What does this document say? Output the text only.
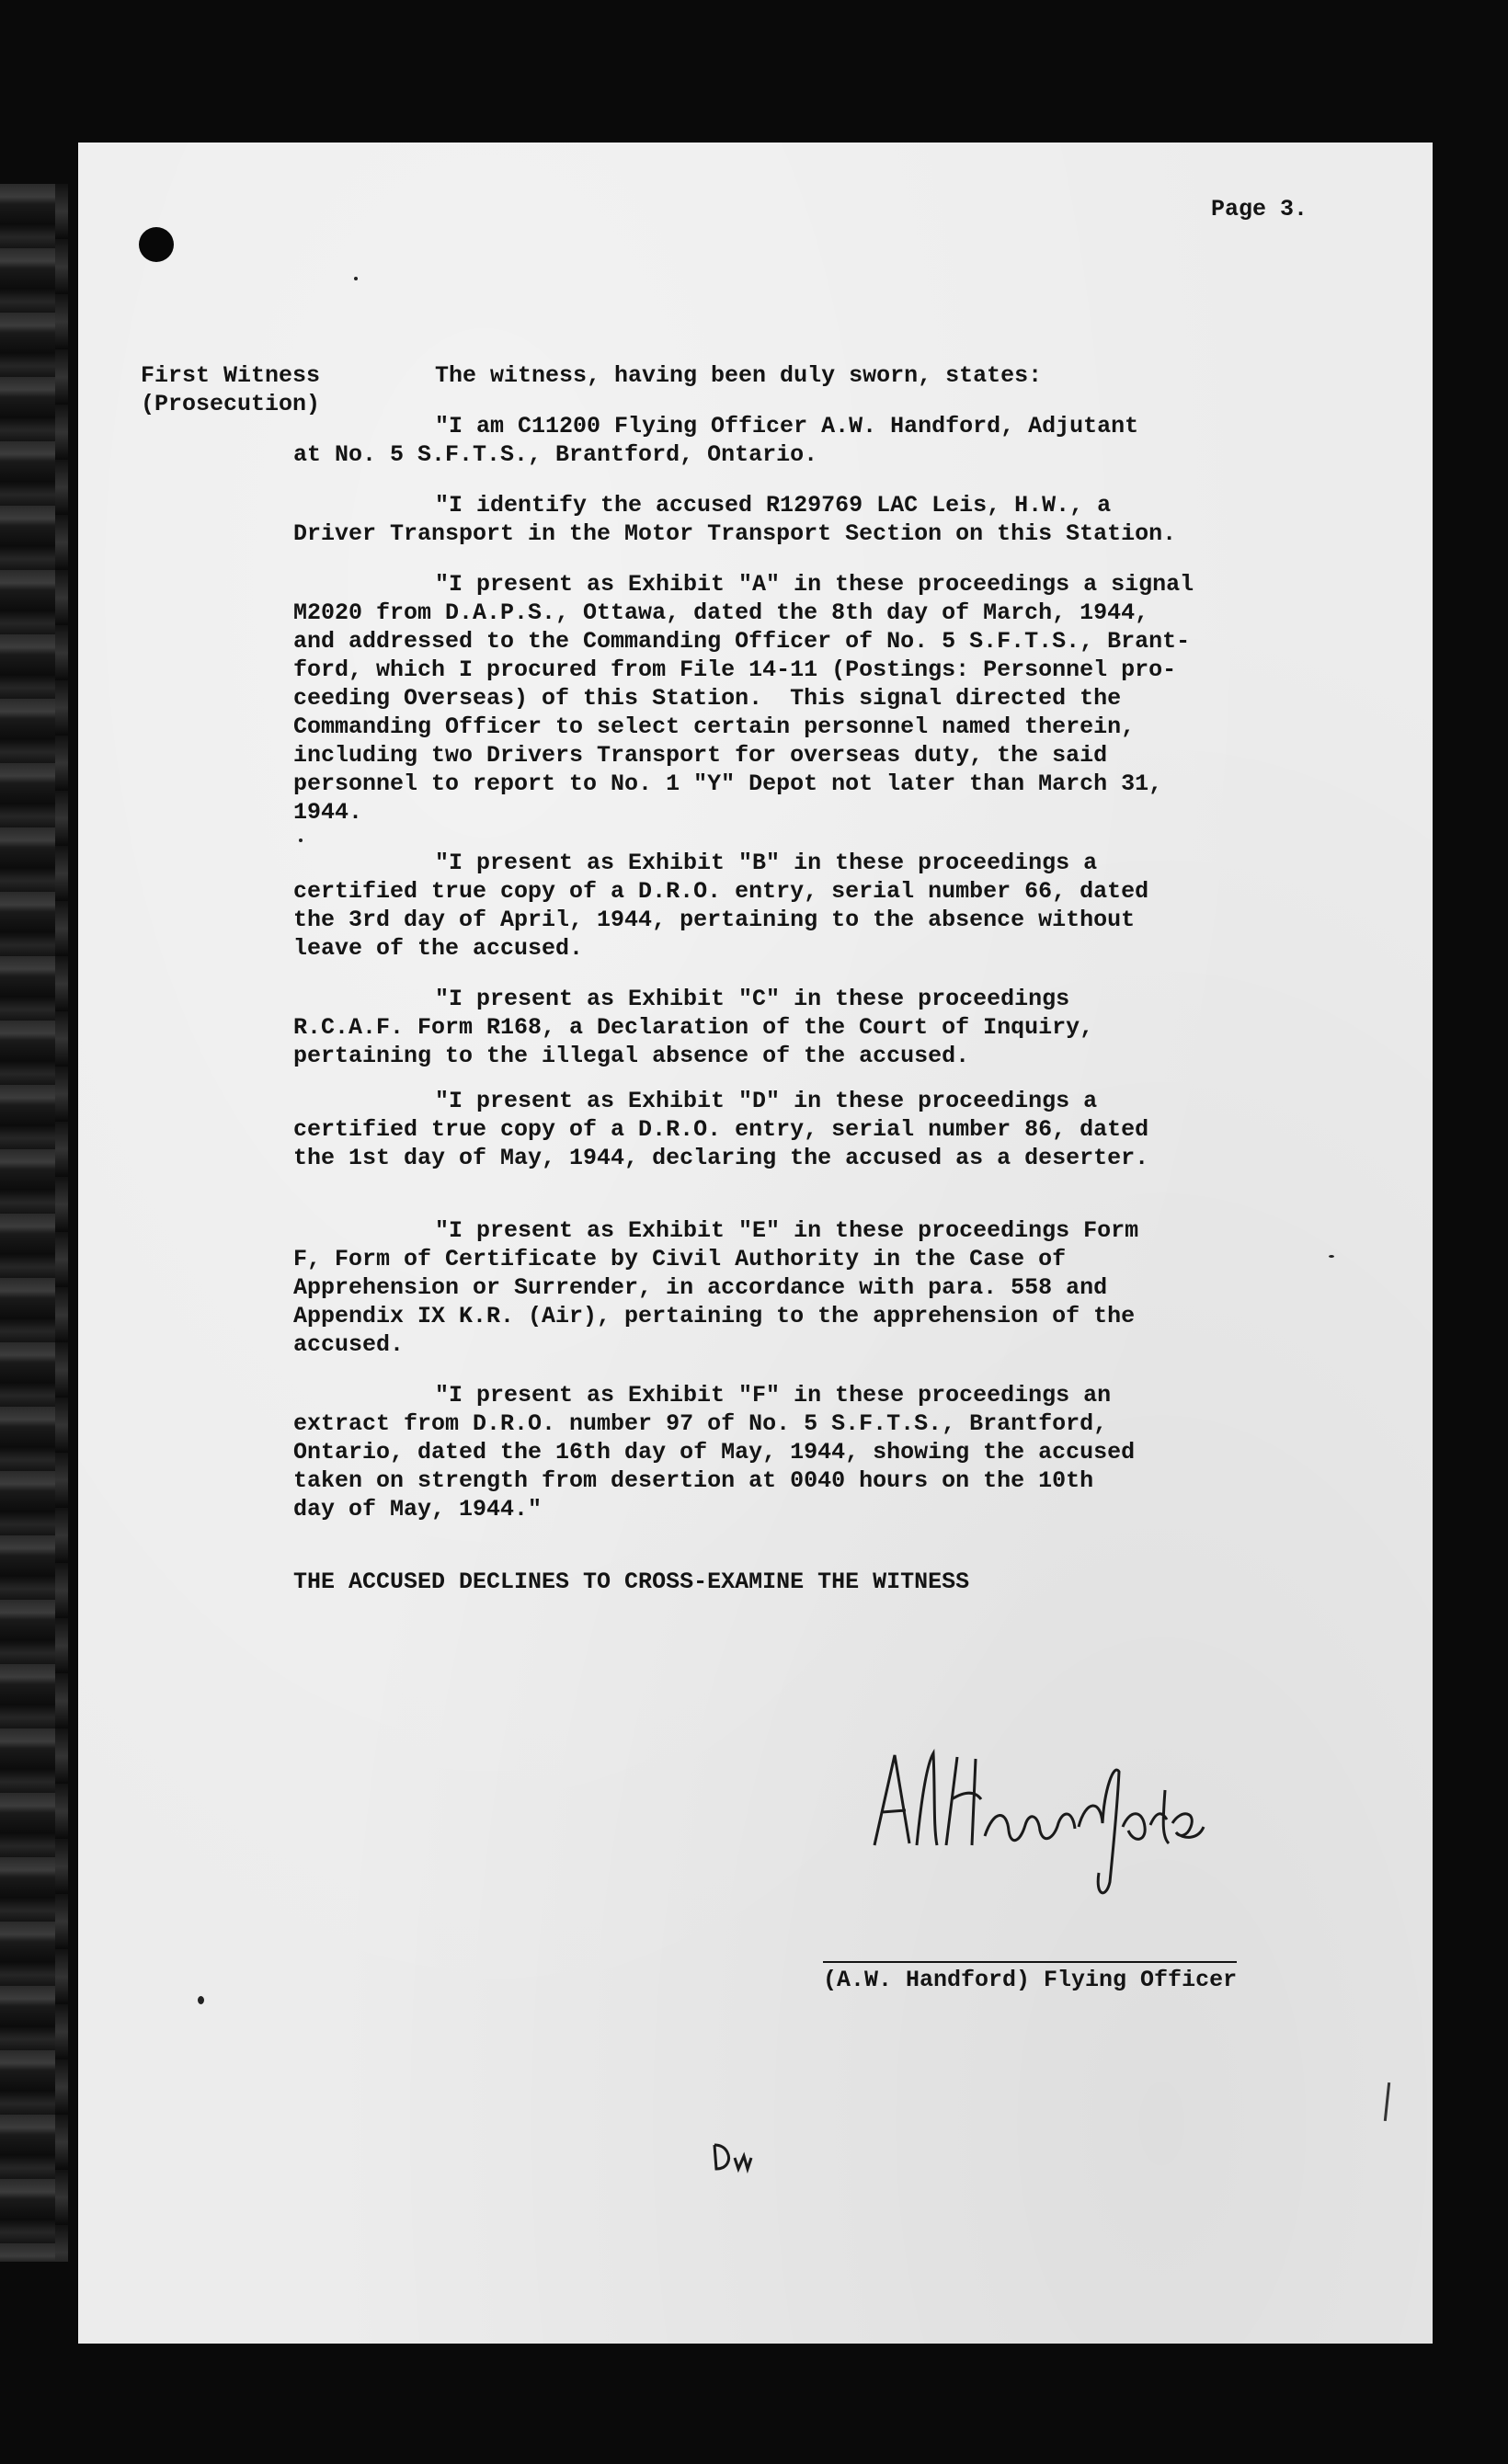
Page 3.
First Witness
(Prosecution)
The witness, having been duly sworn, states:
"I am C11200 Flying Officer A.W. Handford, Adjutant
at No. 5 S.F.T.S., Brantford, Ontario.
"I identify the accused R129769 LAC Leis, H.W., a
Driver Transport in the Motor Transport Section on this Station.
"I present as Exhibit "A" in these proceedings a signal
M2020 from D.A.P.S., Ottawa, dated the 8th day of March, 1944,
and addressed to the Commanding Officer of No. 5 S.F.T.S., Brant-
ford, which I procured from File 14-11 (Postings: Personnel pro-
ceeding Overseas) of this Station.  This signal directed the
Commanding Officer to select certain personnel named therein,
including two Drivers Transport for overseas duty, the said
personnel to report to No. 1 "Y" Depot not later than March 31,
1944.
"I present as Exhibit "B" in these proceedings a
certified true copy of a D.R.O. entry, serial number 66, dated
the 3rd day of April, 1944, pertaining to the absence without
leave of the accused.
"I present as Exhibit "C" in these proceedings
R.C.A.F. Form R168, a Declaration of the Court of Inquiry,
pertaining to the illegal absence of the accused.
"I present as Exhibit "D" in these proceedings a
certified true copy of a D.R.O. entry, serial number 86, dated
the 1st day of May, 1944, declaring the accused as a deserter.
"I present as Exhibit "E" in these proceedings Form
F, Form of Certificate by Civil Authority in the Case of
Apprehension or Surrender, in accordance with para. 558 and
Appendix IX K.R. (Air), pertaining to the apprehension of the
accused.
"I present as Exhibit "F" in these proceedings an
extract from D.R.O. number 97 of No. 5 S.F.T.S., Brantford,
Ontario, dated the 16th day of May, 1944, showing the accused
taken on strength from desertion at 0040 hours on the 10th
day of May, 1944."
THE ACCUSED DECLINES TO CROSS-EXAMINE THE WITNESS
(A.W. Handford) Flying Officer
